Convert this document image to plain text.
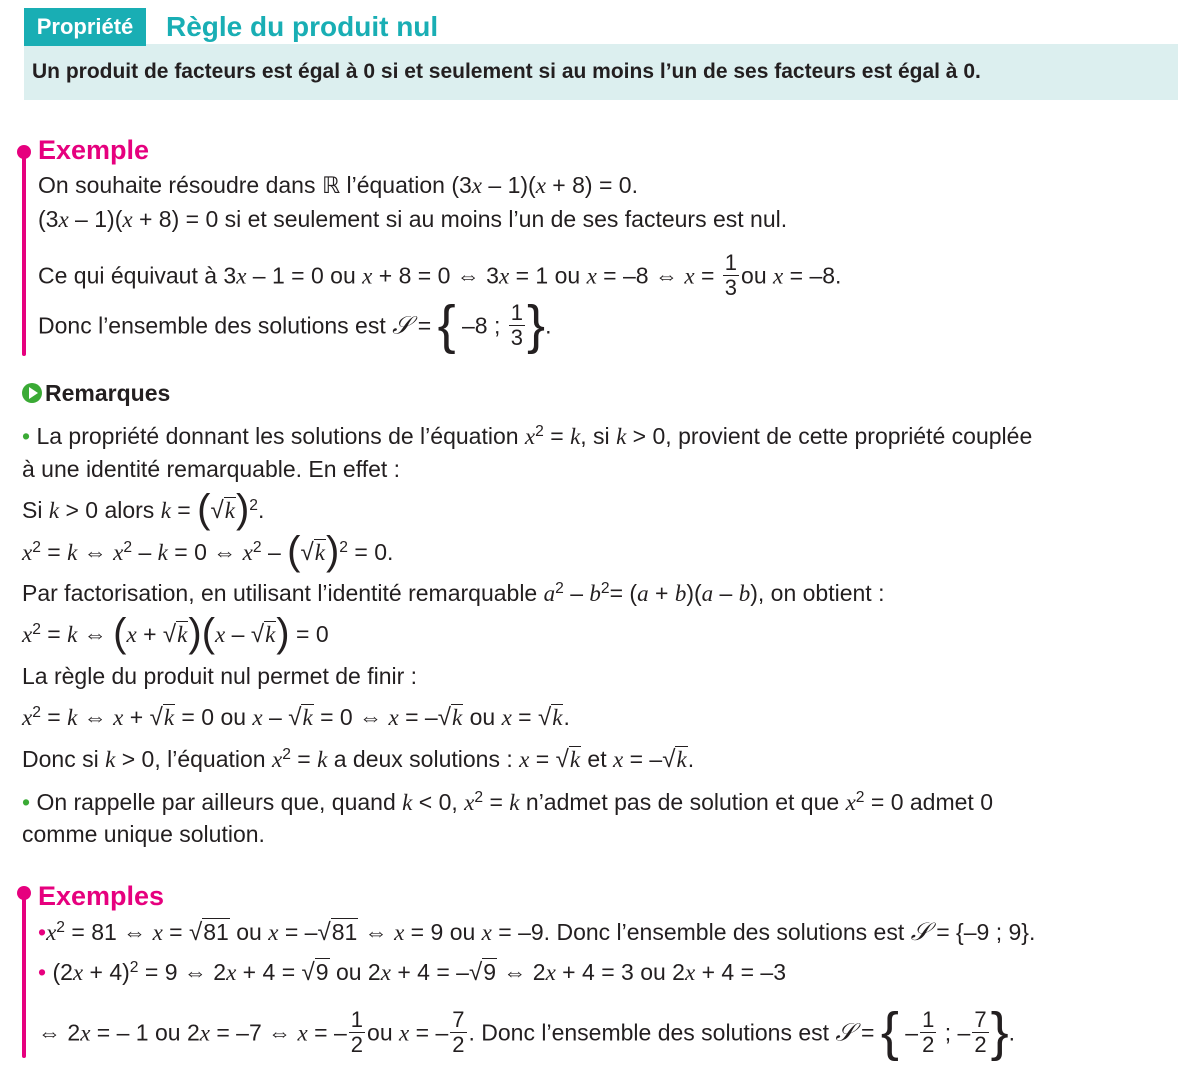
Propriété	Règle du produit nul
Un produit de facteurs est égal à 0 si et seulement si au moins l’un de ses facteurs est égal à 0.
Exemple
On souhaite résoudre dans ℝ l’équation (3x – 1)(x + 8) = 0.
(3x – 1)(x + 8) = 0 si et seulement si au moins l’un de ses facteurs est nul.
Ce qui équivaut à 3x – 1 = 0 ou x + 8 = 0 ⇔ 3x = 1 ou x = –8 ⇔ $x = \frac{1}{3}$ ou x = –8.
Donc l’ensemble des solutions est 𝒮 = { –8 ; $\frac{1}{3}$ }.
Remarques
• La propriété donnant les solutions de l’équation $x^2 = k$, si k > 0, provient de cette propriété couplée
à une identité remarquable. En effet :
Si k > 0 alors $k = (√k)^2$.
$x^2 = k$ ⇔ $x^2 - k = 0$ ⇔ $x^2 - (√k)^2 = 0$.
Par factorisation, en utilisant l’identité remarquable $a^2 - b^2= (a + b)(a - b)$, on obtient :
$x^2 = k$ ⇔ (x + √k)(x – √k) = 0
La règle du produit nul permet de finir :
$x^2 = k$ ⇔ x + √k = 0 ou x – √k = 0 ⇔ x = –√k ou x = √k.
Donc si k > 0, l’équation $x^2 = k$ a deux solutions : x = √k et x = –√k.
• On rappelle par ailleurs que, quand k < 0, $x^2 = k$ n’admet pas de solution et que $x^2 = 0$ admet 0
comme unique solution.
Exemples
$•x^2 = 81$ ⇔ x = √81 ou x = –√81 ⇔ x = 9 ou x = –9. Donc l’ensemble des solutions est 𝒮 = {–9 ; 9}.
• $(2x + 4)^2 = 9$ ⇔ 2x + 4 = √9 ou 2x + 4 = –√9 ⇔ 2x + 4 = 3 ou 2x + 4 = –3
⇔ 2x = – 1 ou 2x = –7 ⇔ x = – $\frac{1}{2}$ ou x = – $\frac{7}{2}$ . Donc l’ensemble des solutions est 𝒮 = { – $\frac{1}{2}$ ; – $\frac{7}{2}$ }.
